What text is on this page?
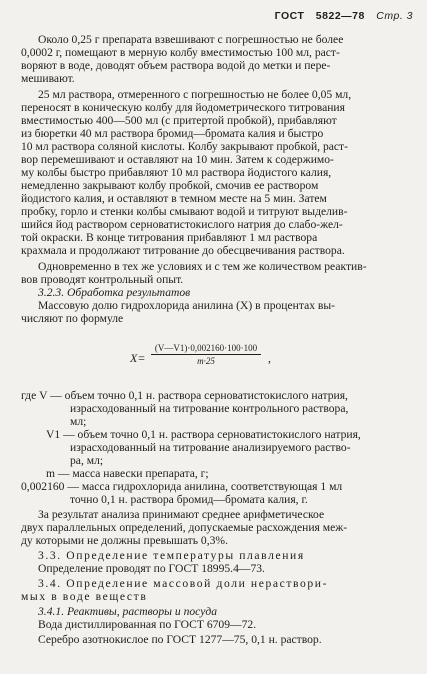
ГОСТ 5822—78 Стр. 3
Около 0,25 г препарата взвешивают с погрешностью не более
0,0002 г, помещают в мерную колбу вместимостью 100 мл, раст-
воряют в воде, доводят объем раствора водой до метки и пере-
мешивают.
25 мл раствора, отмеренного с погрешностью не более 0,05 мл,
переносят в коническую колбу для йодометрического титрования
вместимостью 400—500 мл (с притертой пробкой), прибавляют
из бюретки 40 мл раствора бромид—бромата калия и быстро
10 мл раствора соляной кислоты. Колбу закрывают пробкой, раст-
вор перемешивают и оставляют на 10 мин. Затем к содержимо-
му колбы быстро прибавляют 10 мл раствора йодистого калия,
немедленно закрывают колбу пробкой, смочив ее раствором
йодистого калия, и оставляют в темном месте на 5 мин. Затем
пробку, горло и стенки колбы смывают водой и титруют выделив-
шийся йод раствором серноватистокислого натрия до слабо-жел-
той окраски. В конце титрования прибавляют 1 мл раствора
крахмала и продолжают титрование до обесцвечивания раствора.
Одновременно в тех же условиях и с тем же количеством реактив-
вов проводят контрольный опыт.
3.2.3. Обработка результатов
Массовую долю гидрохлорида анилина (X) в процентах вы-
числяют по формуле
$X= \frac{(V—V1)\cdot 0,002160\cdot 100\cdot 100}{m\cdot 25}$ ,
где V — объем точно 0,1 н. раствора серноватистокислого натрия,
израсходованный на титрование контрольного раствора,
мл;
V1 — объем точно 0,1 н. раствора серноватистокислого натрия,
израсходованный на титрование анализируемого раство-
ра, мл;
m — масса навески препарата, г;
0,002160 — масса гидрохлорида анилина, соответствующая 1 мл
точно 0,1 н. раствора бромид—бромата калия, г.
За результат анализа принимают среднее арифметическое
двух параллельных определений, допускаемые расхождения меж-
ду которыми не должны превышать 0,3%.
3.3. Определение температуры плавления
Определение проводят по ГОСТ 18995.4—73.
3.4. Определение массовой доли нераствори-
мых в воде веществ
3.4.1. Реактивы, растворы и посуда
Вода дистиллированная по ГОСТ 6709—72.
Серебро азотнокислое по ГОСТ 1277—75, 0,1 н. раствор.
